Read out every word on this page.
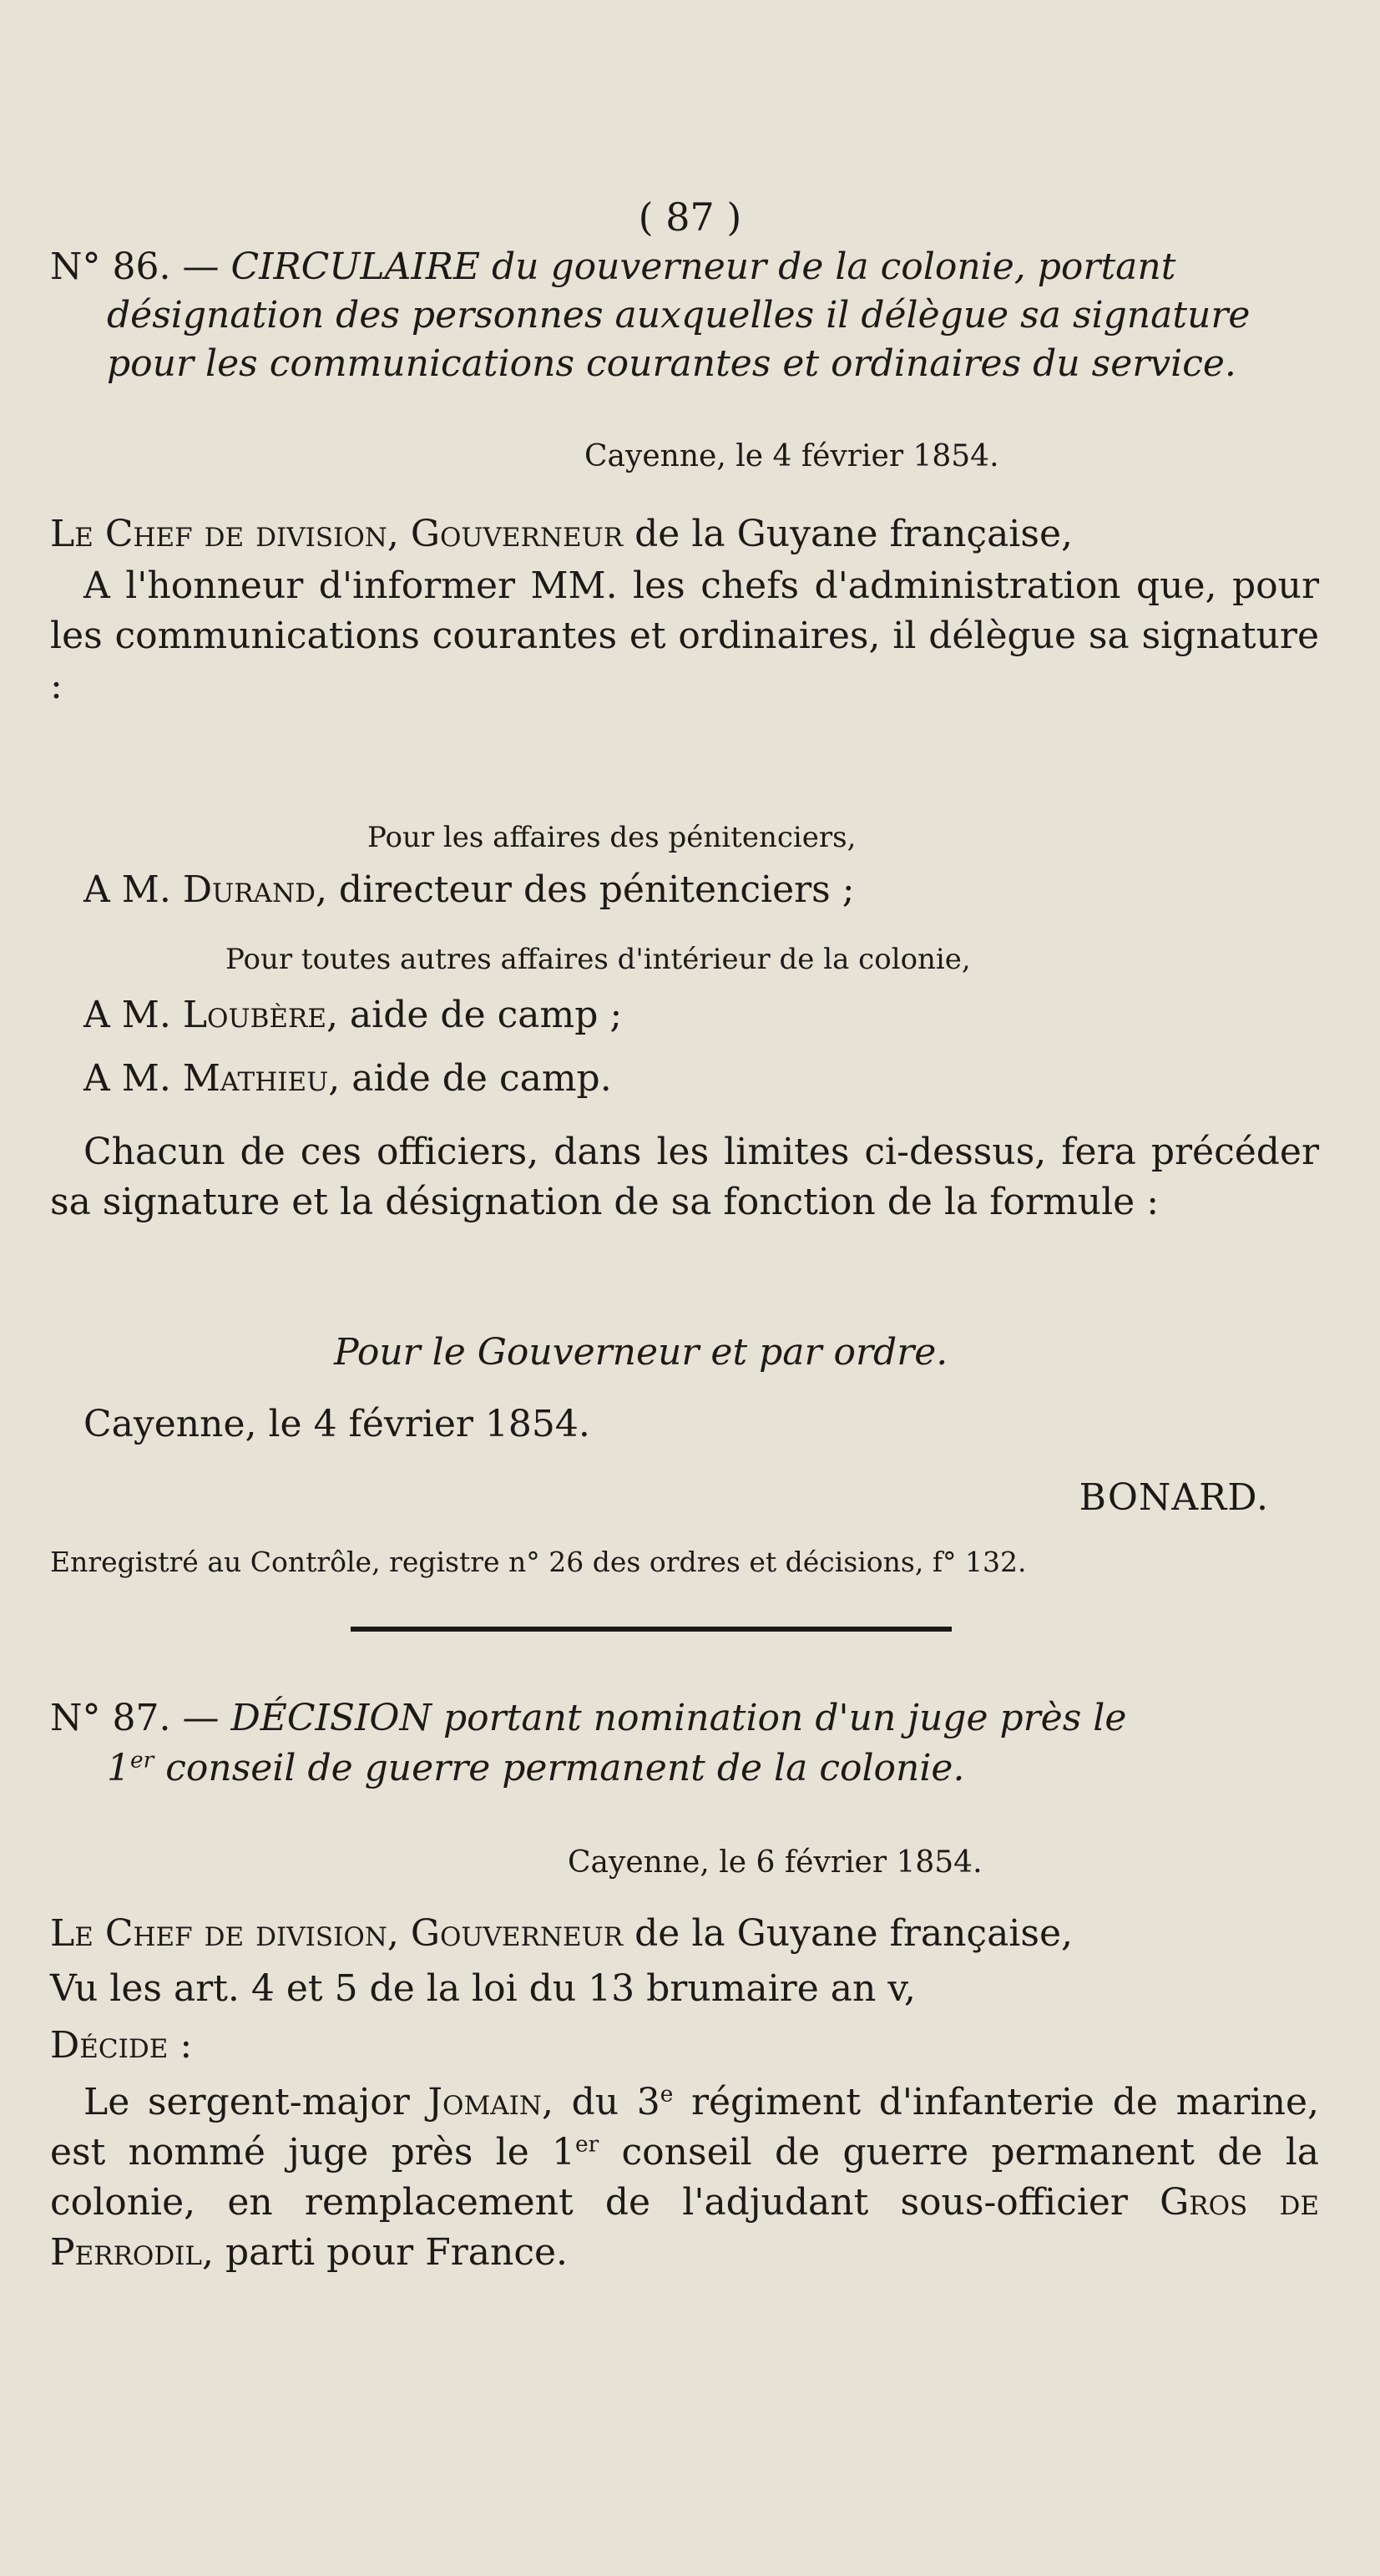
( 87 )
N° 86. — CIRCULAIRE du gouverneur de la colonie, portant
désignation des personnes auxquelles il délègue sa signature
pour les communications courantes et ordinaires du service.
Cayenne, le 4 février 1854.
Le Chef de division, Gouverneur de la Guyane française,
A l'honneur d'informer MM. les chefs d'administration que, pour les communications courantes et ordinaires, il délègue sa signature :
Pour les affaires des pénitenciers,
A M. Durand, directeur des pénitenciers ;
Pour toutes autres affaires d'intérieur de la colonie,
A M. Loubère, aide de camp ;
A M. Mathieu, aide de camp.
Chacun de ces officiers, dans les limites ci-dessus, fera précéder sa signature et la désignation de sa fonction de la formule :
Pour le Gouverneur et par ordre.
Cayenne, le 4 février 1854.
BONARD.
Enregistré au Contrôle, registre n° 26 des ordres et décisions, f° 132.
N° 87. — DÉCISION portant nomination d'un juge près le
1er conseil de guerre permanent de la colonie.
Cayenne, le 6 février 1854.
Le Chef de division, Gouverneur de la Guyane française,
Vu les art. 4 et 5 de la loi du 13 brumaire an v,
Décide :
Le sergent-major Jomain, du 3e régiment d'infanterie de marine, est nommé juge près le 1er conseil de guerre permanent de la colonie, en remplacement de l'adjudant sous-officier Gros de Perrodil, parti pour France.
